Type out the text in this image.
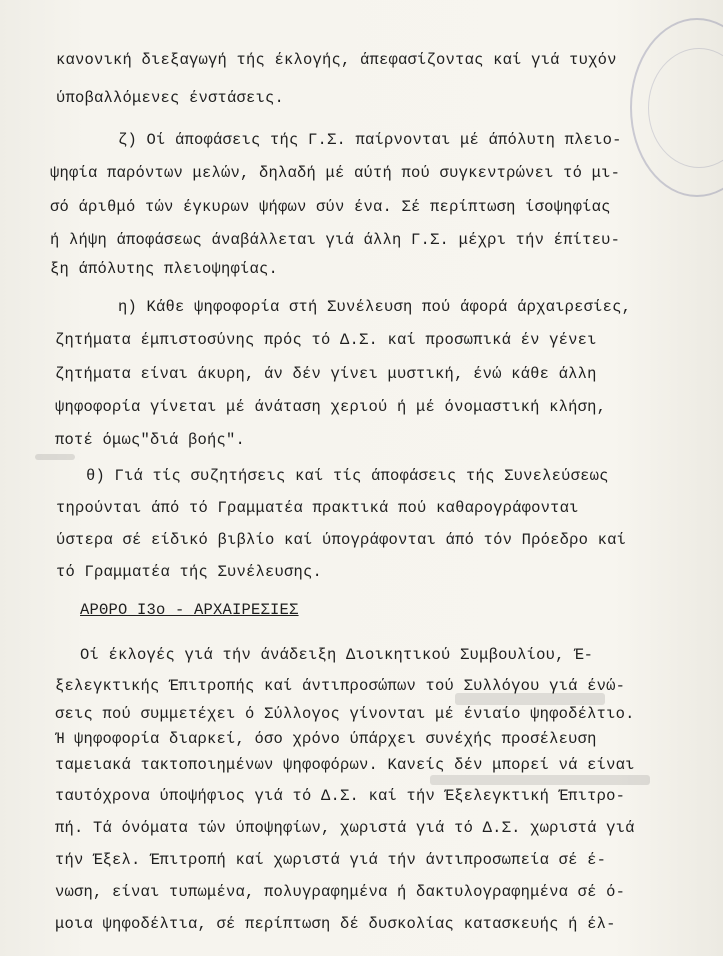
κανονική διεξαγωγή τής έκλογής, άπεφασίζοντας καί γιά τυχόν
ύποβαλλόμενες ένστάσεις.
ζ) Οί άποφάσεις τής Γ.Σ. παίρνονται μέ άπόλυτη πλειο-
ψηφία παρόντων μελών, δηλαδή μέ αύτή πού συγκεντρώνει τό μι-
σό άριθμό τών έγκυρων ψήφων σύν ένα. Σέ περίπτωση ίσοψηφίας
ή λήψη άποφάσεως άναβάλλεται γιά άλλη Γ.Σ. μέχρι τήν έπίτευ-
ξη άπόλυτης πλειοψηφίας.
η) Κάθε ψηφοφορία στή Συνέλευση πού άφορά άρχαιρεσίες,
ζητήματα έμπιστοσύνης πρός τό Δ.Σ. καί προσωπικά έν γένει
ζητήματα είναι άκυρη, άν δέν γίνει μυστική, ένώ κάθε άλλη
ψηφοφορία γίνεται μέ άνάταση χεριού ή μέ όνομαστική κλήση,
ποτέ όμως"διά βοής".
θ) Γιά τίς συζητήσεις καί τίς άποφάσεις τής Συνελεύσεως
τηρούνται άπό τό Γραμματέα πρακτικά πού καθαρογράφονται
ύστερα σέ είδικό βιβλίο καί ύπογράφονται άπό τόν Πρόεδρο καί
τό Γραμματέα τής Συνέλευσης.
ΑΡΘΡΟ Ι3ο - ΑΡΧΑΙΡΕΣΙΕΣ
Οί έκλογές γιά τήν άνάδειξη Διοικητικού Συμβουλίου, Έ-
ξελεγκτικής Έπιτροπής καί άντιπροσώπων τού Συλλόγου γιά ένώ-
σεις πού συμμετέχει ό Σύλλογος γίνονται μέ ένιαίο ψηφοδέλτιο.
Ή ψηφοφορία διαρκεί, όσο χρόνο ύπάρχει συνέχής προσέλευση
ταμειακά τακτοποιημένων ψηφοφόρων. Κανείς δέν μπορεί νά είναι
ταυτόχρονα ύποψήφιος γιά τό Δ.Σ. καί τήν Έξελεγκτική Έπιτρο-
πή. Τά όνόματα τών ύποψηφίων, χωριστά γιά τό Δ.Σ. χωριστά γιά
τήν Έξελ. Έπιτροπή καί χωριστά γιά τήν άντιπροσωπεία σέ έ-
νωση, είναι τυπωμένα, πολυγραφημένα ή δακτυλογραφημένα σέ ό-
μοια ψηφοδέλτια, σέ περίπτωση δέ δυσκολίας κατασκευής ή έλ-
